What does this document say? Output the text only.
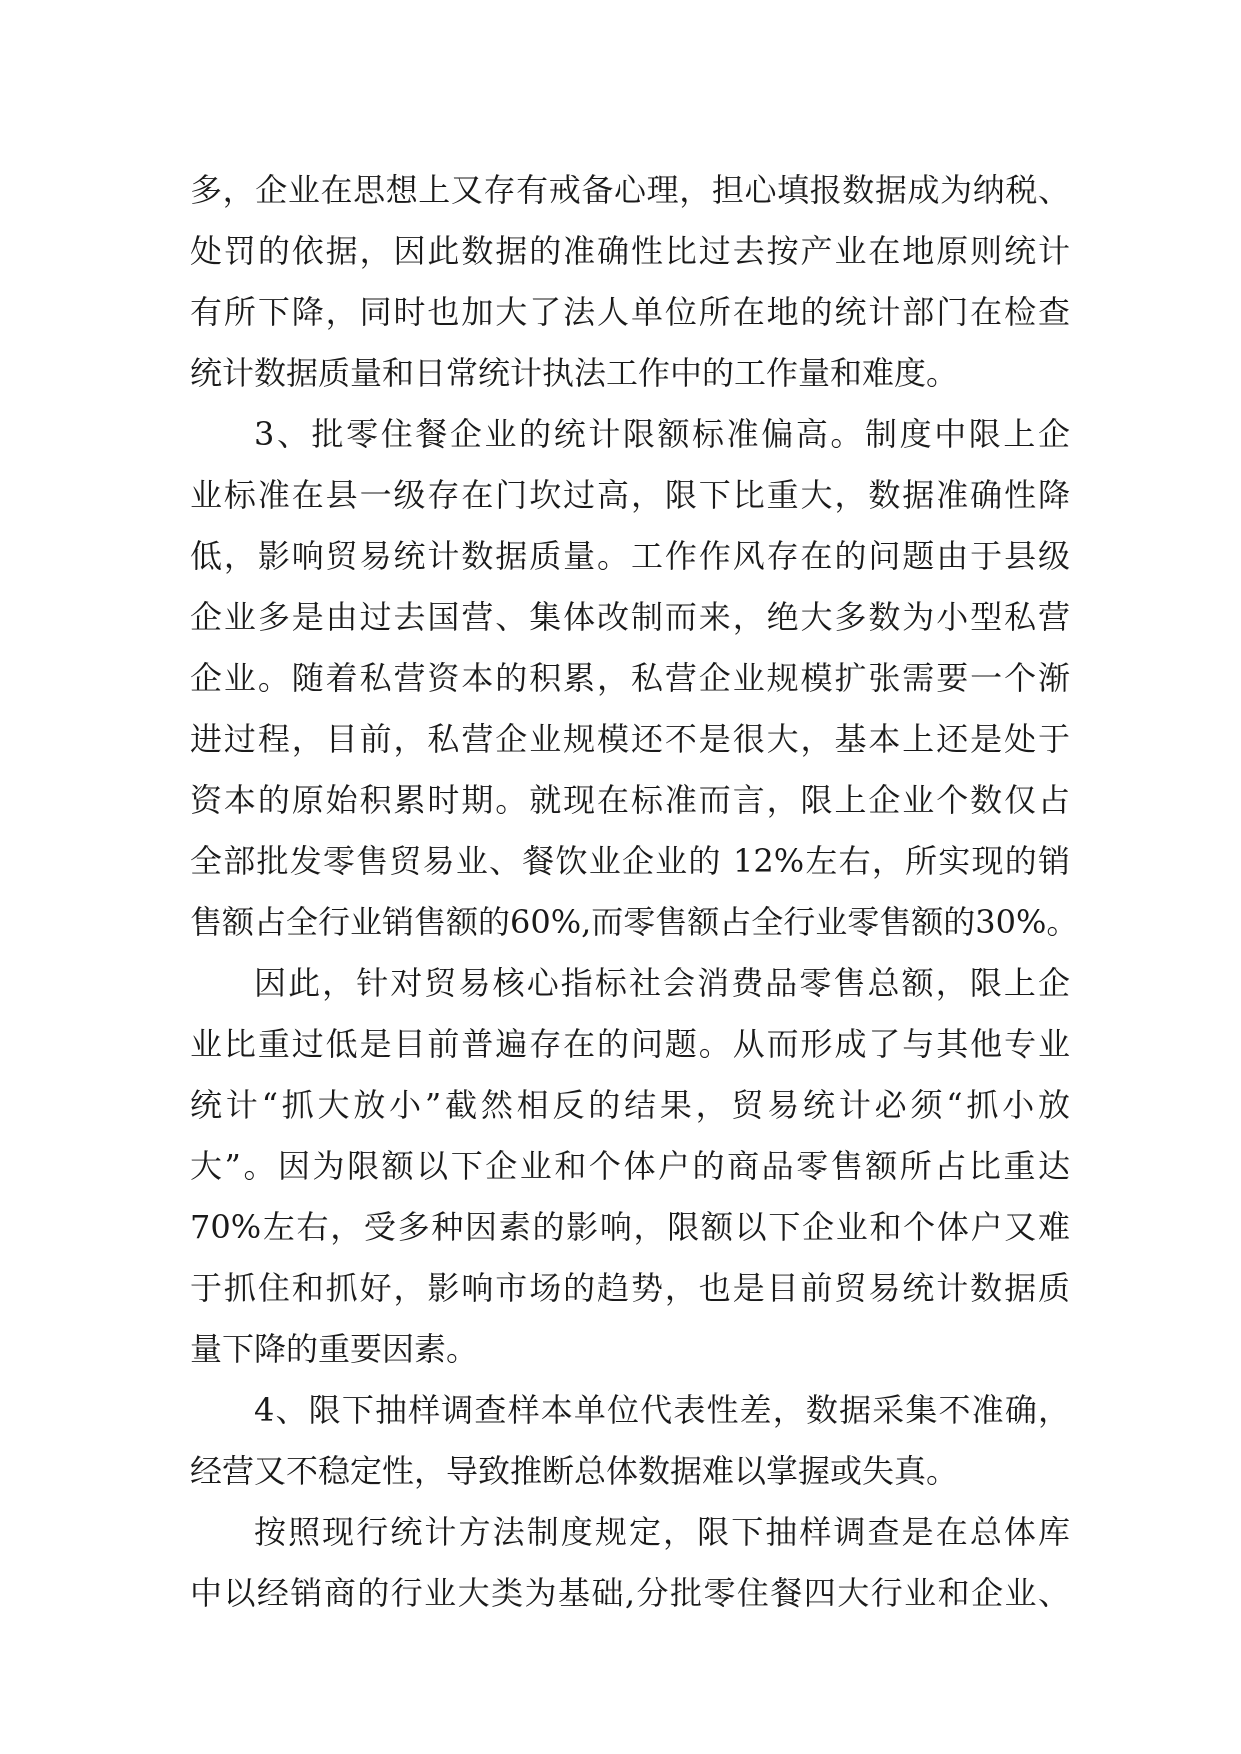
多，企业在思想上又存有戒备心理，担心填报数据成为纳税、
处罚的依据，因此数据的准确性比过去按产业在地原则统计
有所下降，同时也加大了法人单位所在地的统计部门在检查
统计数据质量和日常统计执法工作中的工作量和难度。
3、批零住餐企业的统计限额标准偏高。制度中限上企
业标准在县一级存在门坎过高，限下比重大，数据准确性降
低，影响贸易统计数据质量。工作作风存在的问题由于县级
企业多是由过去国营、集体改制而来，绝大多数为小型私营
企业。随着私营资本的积累，私营企业规模扩张需要一个渐
进过程，目前，私营企业规模还不是很大，基本上还是处于
资本的原始积累时期。就现在标准而言，限上企业个数仅占
全部批发零售贸易业、餐饮业企业的 12%左右，所实现的销
售额占全行业销售额的60%,而零售额占全行业零售额的30%。
因此，针对贸易核心指标社会消费品零售总额，限上企
业比重过低是目前普遍存在的问题。从而形成了与其他专业
统计“抓大放小”截然相反的结果，贸易统计必须“抓小放
大”。因为限额以下企业和个体户的商品零售额所占比重达
70%左右，受多种因素的影响，限额以下企业和个体户又难
于抓住和抓好，影响市场的趋势，也是目前贸易统计数据质
量下降的重要因素。
4、限下抽样调查样本单位代表性差，数据采集不准确，
经营又不稳定性，导致推断总体数据难以掌握或失真。
按照现行统计方法制度规定，限下抽样调查是在总体库
中以经销商的行业大类为基础,分批零住餐四大行业和企业、
